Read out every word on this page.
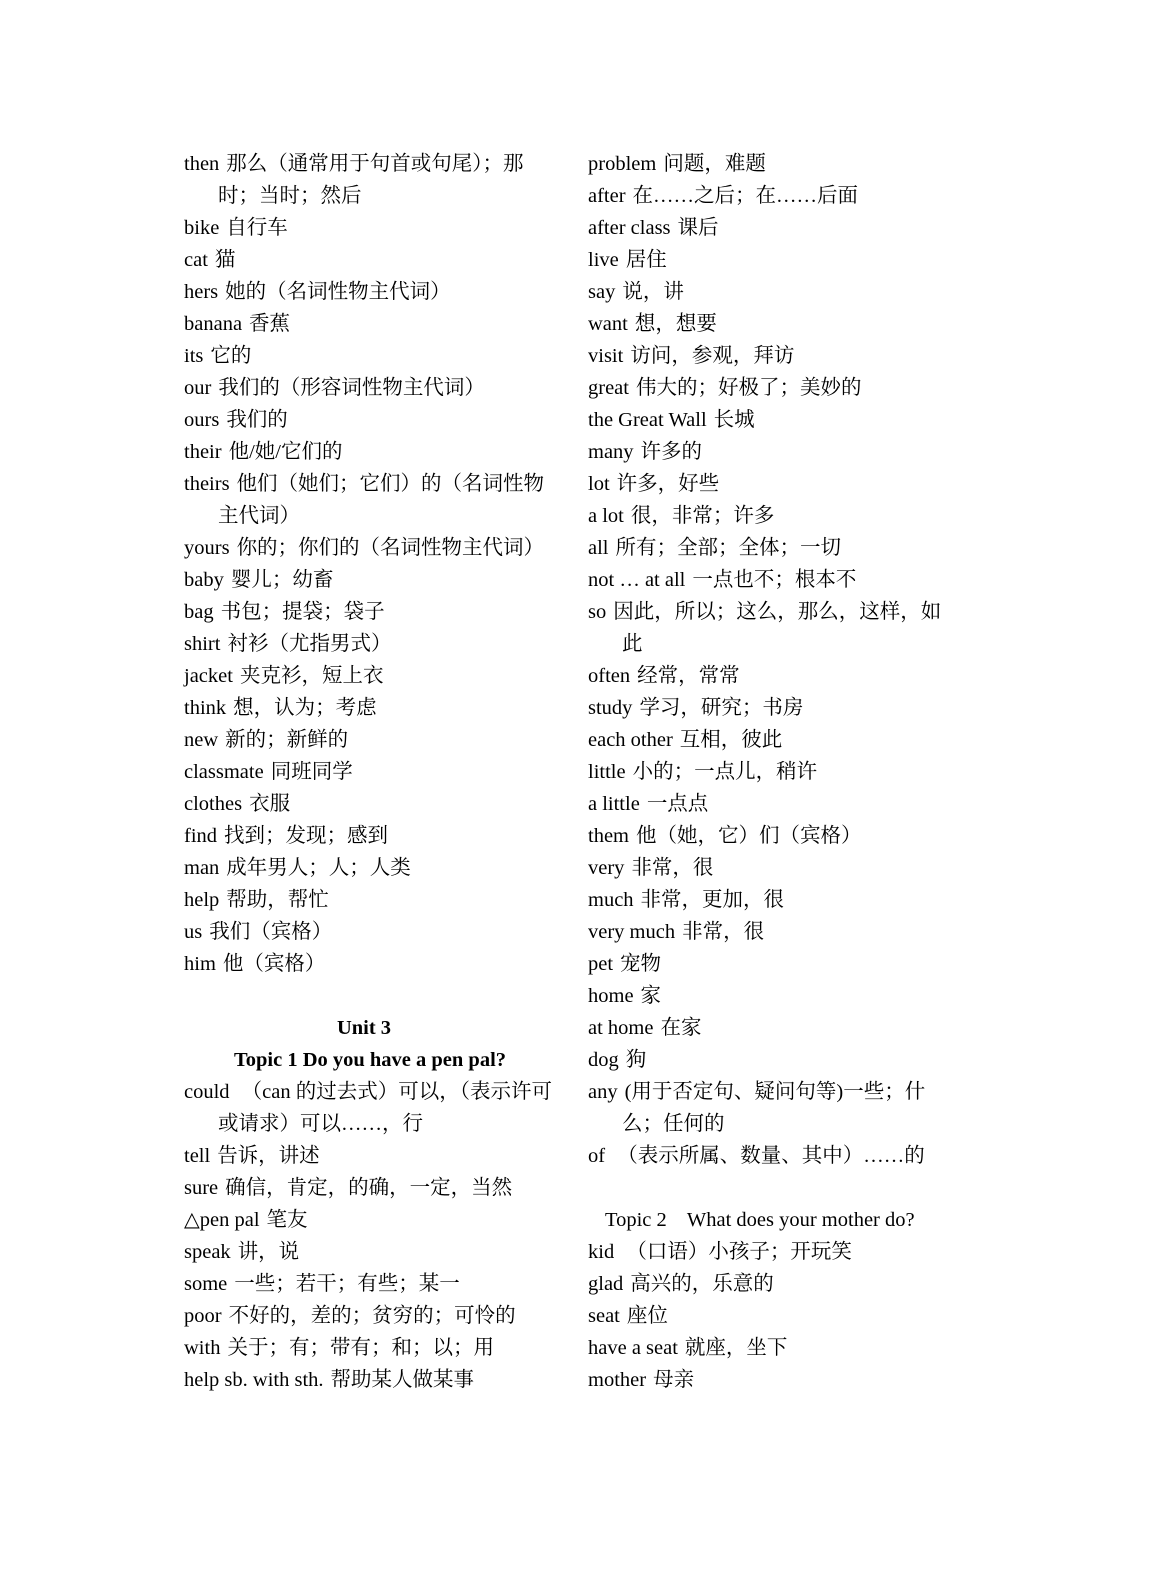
then 那么（通常用于句首或句尾）；那时；当时；然后
bike 自行车
cat 猫
hers 她的（名词性物主代词）
banana 香蕉
its 它的
our 我们的（形容词性物主代词）
ours 我们的
their 他/她/它们的
theirs 他们（她们；它们）的（名词性物主代词）
yours 你的；你们的（名词性物主代词）
baby 婴儿；幼畜
bag 书包；提袋；袋子
shirt 衬衫（尤指男式）
jacket 夹克衫，短上衣
think 想，认为；考虑
new 新的；新鲜的
classmate 同班同学
clothes 衣服
find 找到；发现；感到
man 成年男人；人；人类
help 帮助，帮忙
us 我们（宾格）
him 他（宾格）
Unit 3
Topic 1 Do you have a pen pal?
could （can 的过去式）可以，（表示许可或请求）可以……，行
tell 告诉，讲述
sure 确信，肯定，的确，一定，当然
△pen pal 笔友
speak 讲，说
some 一些；若干；有些；某一
poor 不好的，差的；贫穷的；可怜的
with 关于；有；带有；和；以；用
help sb. with sth. 帮助某人做某事
problem 问题，难题
after 在……之后；在……后面
after class 课后
live 居住
say 说，讲
want 想，想要
visit 访问，参观，拜访
great 伟大的；好极了；美妙的
the Great Wall 长城
many 许多的
lot 许多，好些
a lot 很，非常；许多
all 所有；全部；全体；一切
not … at all 一点也不；根本不
so 因此，所以；这么，那么，这样，如此
often 经常，常常
study 学习，研究；书房
each other 互相，彼此
little 小的；一点儿，稍许
a little 一点点
them 他（她，它）们（宾格）
very 非常，很
much 非常，更加，很
very much 非常，很
pet 宠物
home 家
at home 在家
dog 狗
any (用于否定句、疑问句等)一些；什么；任何的
of （表示所属、数量、其中）……的
Topic 2    What does your mother do?
kid （口语）小孩子；开玩笑
glad 高兴的，乐意的
seat 座位
have a seat 就座，坐下
mother 母亲
